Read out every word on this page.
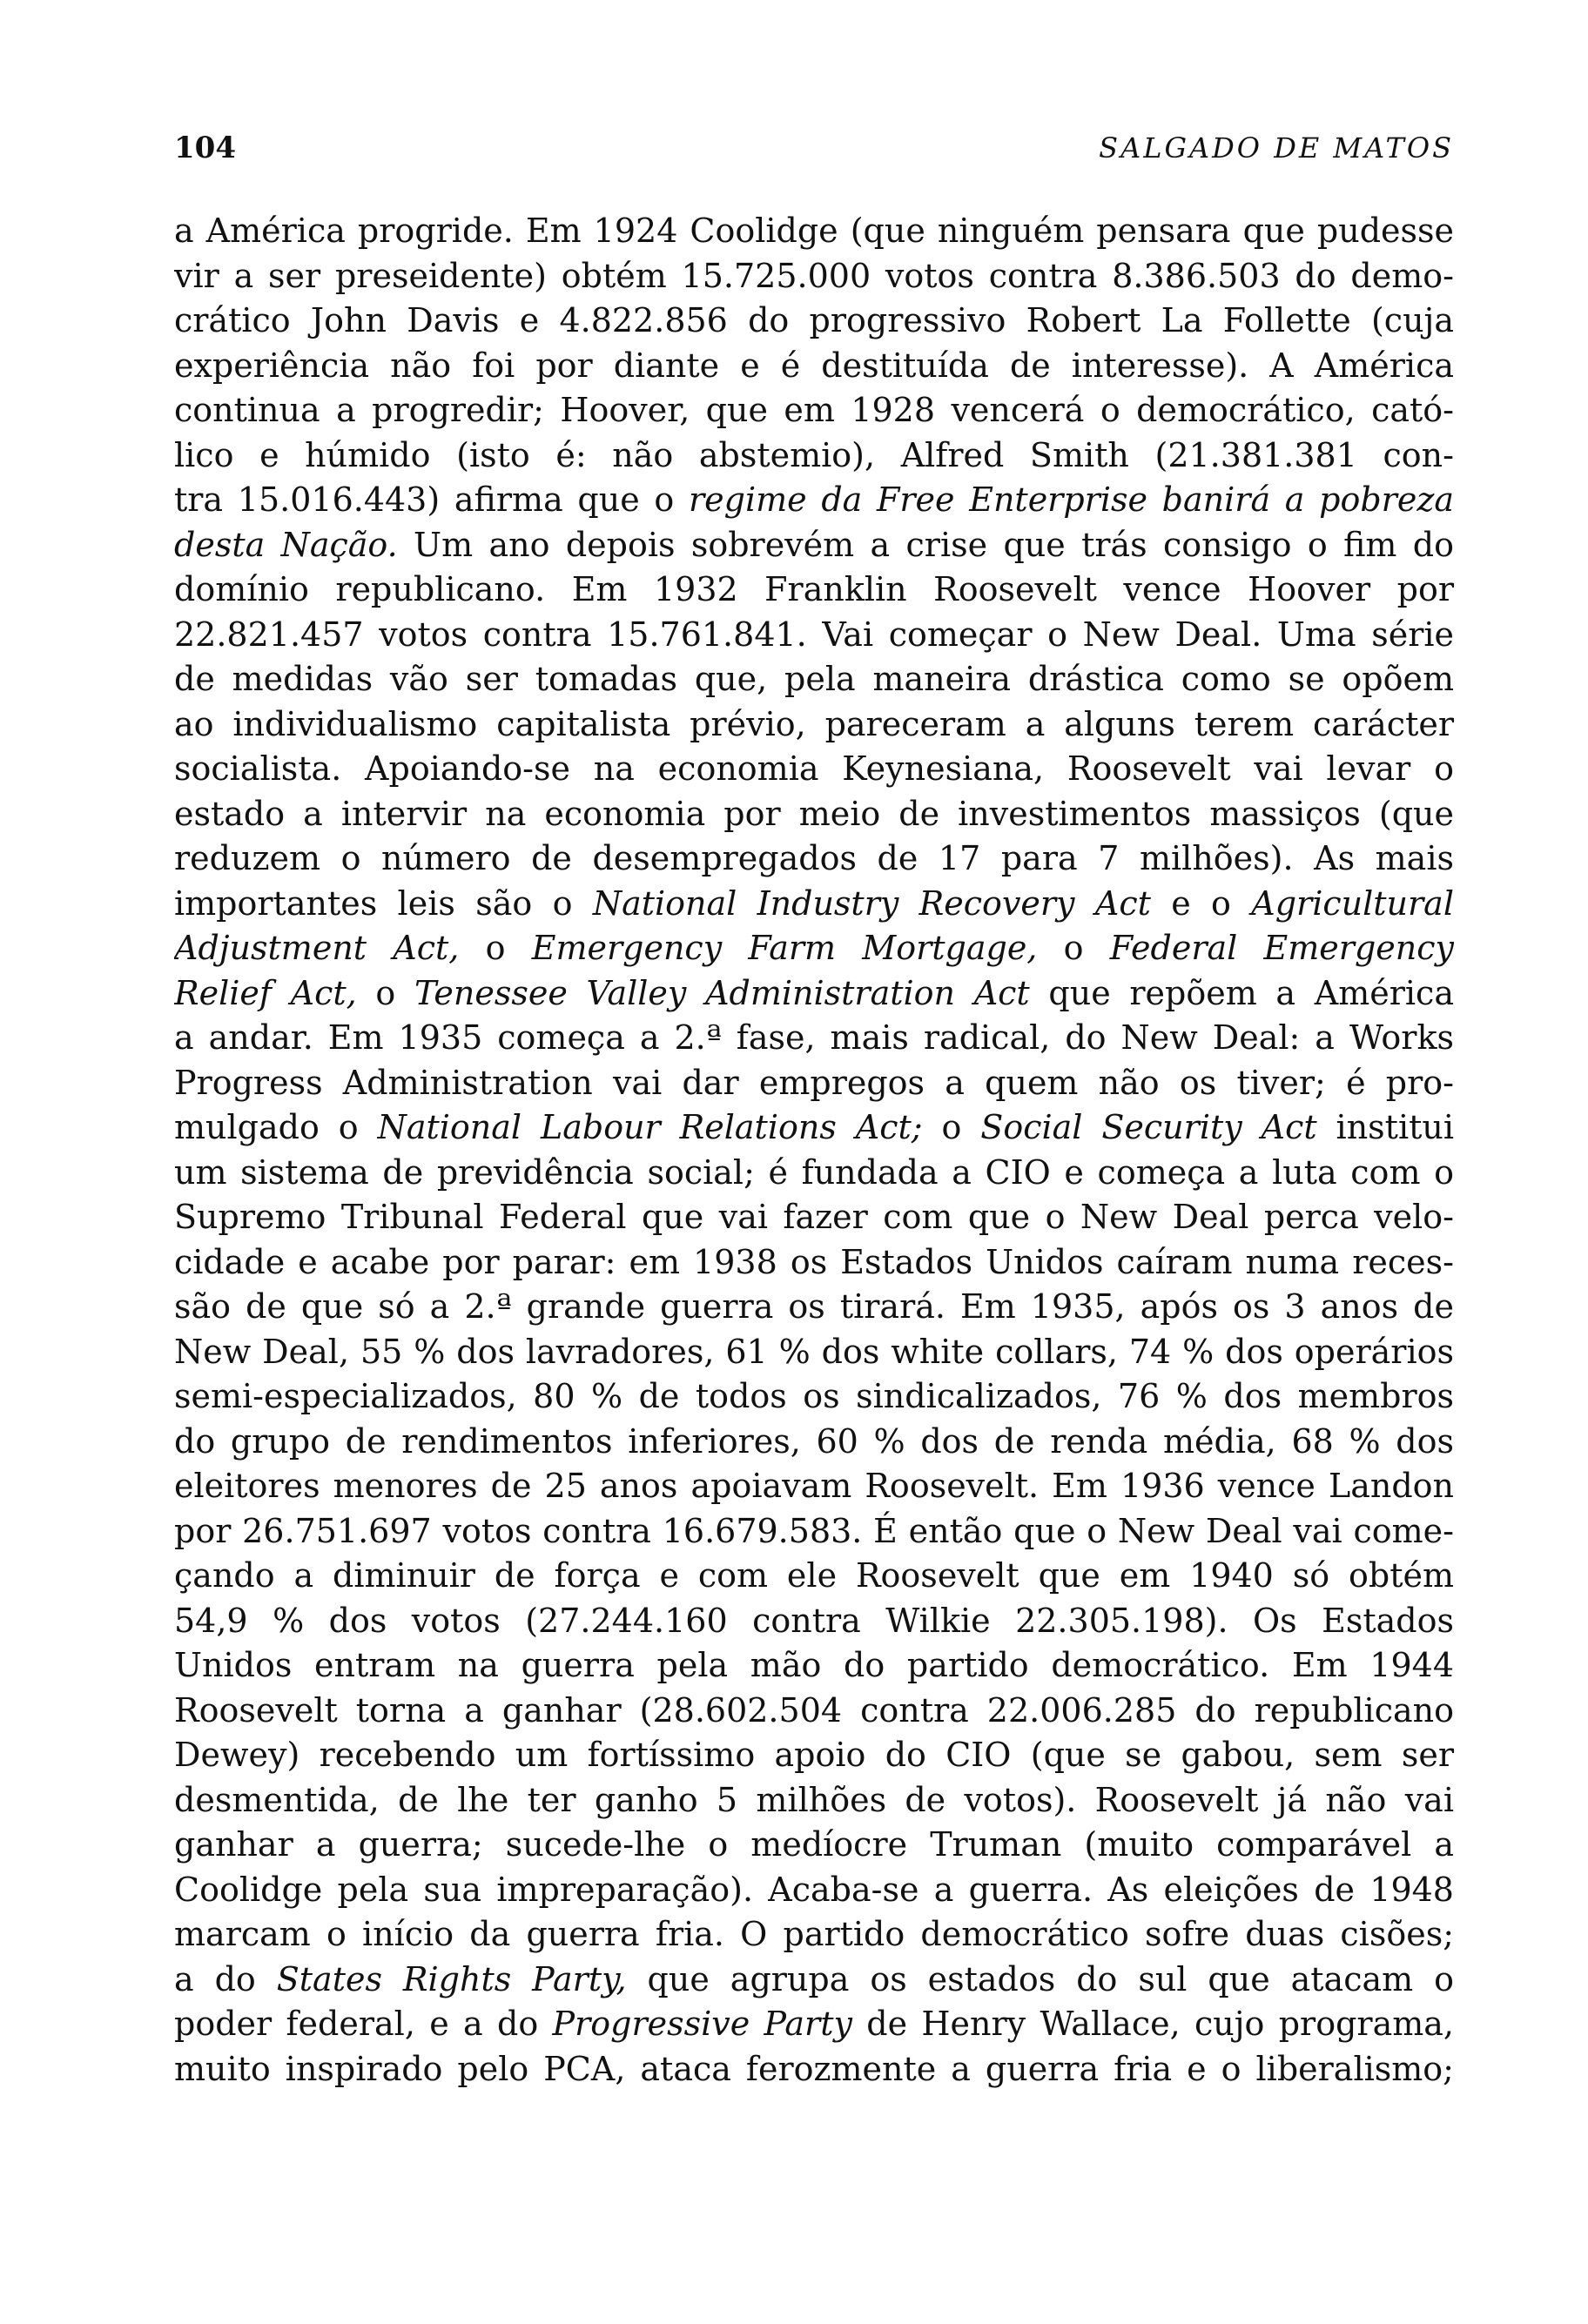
104	SALGADO DE MATOS
a América progride. Em 1924 Coolidge (que ninguém pensara que pudesse
vir a ser preseidente) obtém 15.725.000 votos contra 8.386.503 do demo-
crático John Davis e 4.822.856 do progressivo Robert La Follette (cuja
experiência não foi por diante e é destituída de interesse). A América
continua a progredir; Hoover, que em 1928 vencerá o democrático, cató-
lico e húmido (isto é: não abstemio), Alfred Smith (21.381.381 con-
tra 15.016.443) afirma que o regime da Free Enterprise banirá a pobreza
desta Nação. Um ano depois sobrevém a crise que trás consigo o fim do
domínio republicano. Em 1932 Franklin Roosevelt vence Hoover por
22.821.457 votos contra 15.761.841. Vai começar o New Deal. Uma série
de medidas vão ser tomadas que, pela maneira drástica como se opõem
ao individualismo capitalista prévio, pareceram a alguns terem carácter
socialista. Apoiando-se na economia Keynesiana, Roosevelt vai levar o
estado a intervir na economia por meio de investimentos massiços (que
reduzem o número de desempregados de 17 para 7 milhões). As mais
importantes leis são o National Industry Recovery Act e o Agricultural
Adjustment Act, o Emergency Farm Mortgage, o Federal Emergency
Relief Act, o Tenessee Valley Administration Act que repõem a América
a andar. Em 1935 começa a 2.ª fase, mais radical, do New Deal: a Works
Progress Administration vai dar empregos a quem não os tiver; é pro-
mulgado o National Labour Relations Act; o Social Security Act institui
um sistema de previdência social; é fundada a CIO e começa a luta com o
Supremo Tribunal Federal que vai fazer com que o New Deal perca velo-
cidade e acabe por parar: em 1938 os Estados Unidos caíram numa reces-
são de que só a 2.ª grande guerra os tirará. Em 1935, após os 3 anos de
New Deal, 55 % dos lavradores, 61 % dos white collars, 74 % dos operários
semi-especializados, 80 % de todos os sindicalizados, 76 % dos membros
do grupo de rendimentos inferiores, 60 % dos de renda média, 68 % dos
eleitores menores de 25 anos apoiavam Roosevelt. Em 1936 vence Landon
por 26.751.697 votos contra 16.679.583. É então que o New Deal vai come-
çando a diminuir de força e com ele Roosevelt que em 1940 só obtém
54,9 % dos votos (27.244.160 contra Wilkie 22.305.198). Os Estados
Unidos entram na guerra pela mão do partido democrático. Em 1944
Roosevelt torna a ganhar (28.602.504 contra 22.006.285 do republicano
Dewey) recebendo um fortíssimo apoio do CIO (que se gabou, sem ser
desmentida, de lhe ter ganho 5 milhões de votos). Roosevelt já não vai
ganhar a guerra; sucede-lhe o medíocre Truman (muito comparável a
Coolidge pela sua impreparação). Acaba-se a guerra. As eleições de 1948
marcam o início da guerra fria. O partido democrático sofre duas cisões;
a do States Rights Party, que agrupa os estados do sul que atacam o
poder federal, e a do Progressive Party de Henry Wallace, cujo programa,
muito inspirado pelo PCA, ataca ferozmente a guerra fria e o liberalismo;
